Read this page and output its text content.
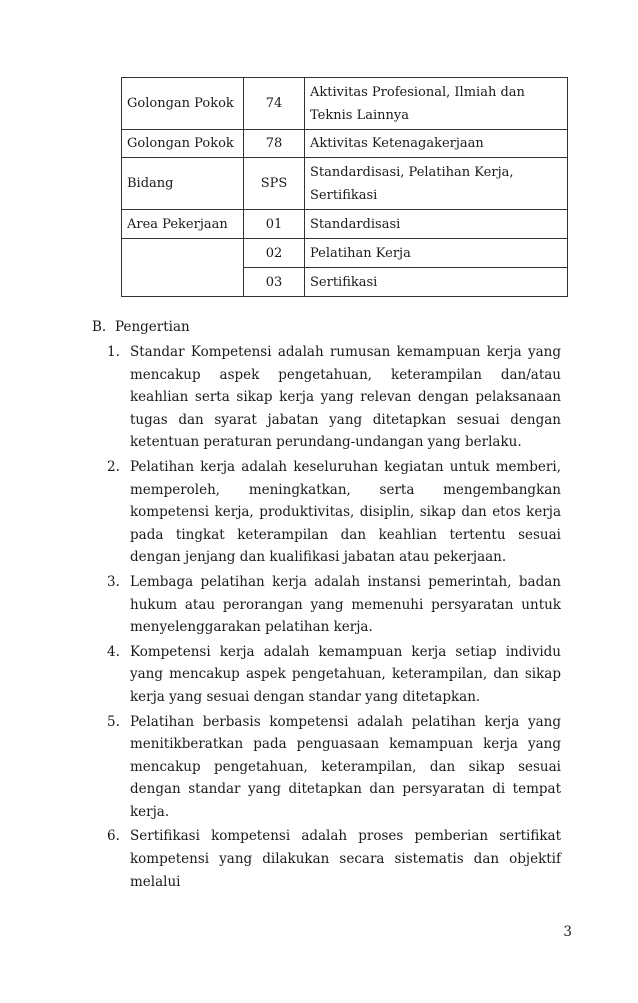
Golongan Pokok	74	Aktivitas Profesional, Ilmiah dan Teknis Lainnya
Golongan Pokok	78	Aktivitas Ketenagakerjaan
Bidang	SPS	Standardisasi, Pelatihan Kerja, Sertifikasi
Area Pekerjaan	01	Standardisasi
	02	Pelatihan Kerja
	03	Sertifikasi

B. Pengertian

1. Standar Kompetensi adalah rumusan kemampuan kerja yang mencakup aspek pengetahuan, keterampilan dan/atau keahlian serta sikap kerja yang relevan dengan pelaksanaan tugas dan syarat jabatan yang ditetapkan sesuai dengan ketentuan peraturan perundang-undangan yang berlaku.
2. Pelatihan kerja adalah keseluruhan kegiatan untuk memberi, memperoleh, meningkatkan, serta mengembangkan kompetensi kerja, produktivitas, disiplin, sikap dan etos kerja pada tingkat keterampilan dan keahlian tertentu sesuai dengan jenjang dan kualifikasi jabatan atau pekerjaan.
3. Lembaga pelatihan kerja adalah instansi pemerintah, badan hukum atau perorangan yang memenuhi persyaratan untuk menyelenggarakan pelatihan kerja.
4. Kompetensi kerja adalah kemampuan kerja setiap individu yang mencakup aspek pengetahuan, keterampilan, dan sikap kerja yang sesuai dengan standar yang ditetapkan.
5. Pelatihan berbasis kompetensi adalah pelatihan kerja yang menitikberatkan pada penguasaan kemampuan kerja yang mencakup pengetahuan, keterampilan, dan sikap sesuai dengan standar yang ditetapkan dan persyaratan di tempat kerja.
6. Sertifikasi kompetensi adalah proses pemberian sertifikat kompetensi yang dilakukan secara sistematis dan objektif melalui
3
